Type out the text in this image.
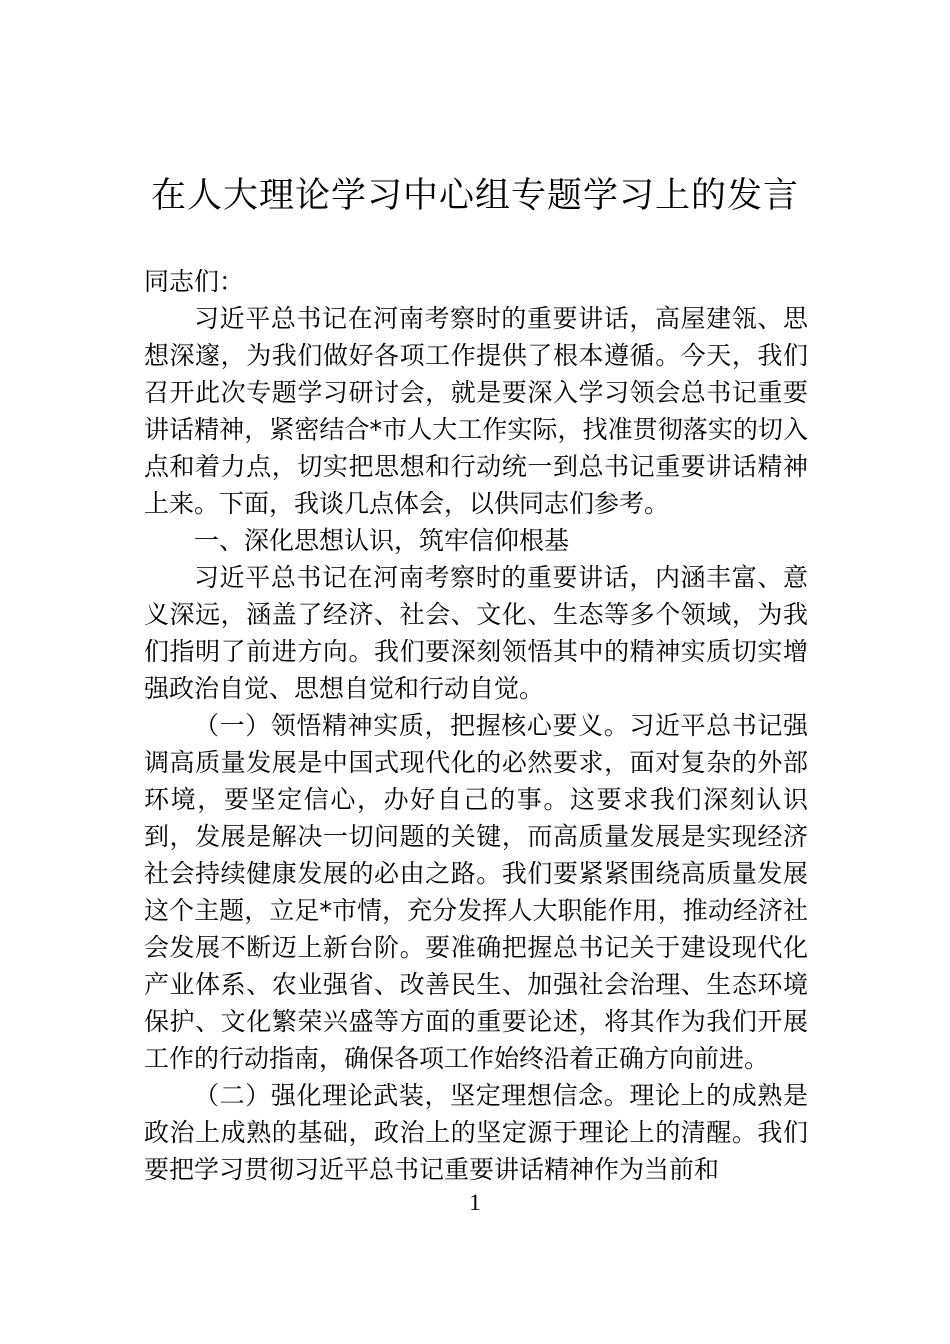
在人大理论学习中心组专题学习上的发言

同志们：

习近平总书记在河南考察时的重要讲话，高屋建瓴、思想深邃，为我们做好各项工作提供了根本遵循。今天，我们召开此次专题学习研讨会，就是要深入学习领会总书记重要讲话精神，紧密结合*市人大工作实际，找准贯彻落实的切入点和着力点，切实把思想和行动统一到总书记重要讲话精神上来。下面，我谈几点体会，以供同志们参考。

一、深化思想认识，筑牢信仰根基

习近平总书记在河南考察时的重要讲话，内涵丰富、意义深远，涵盖了经济、社会、文化、生态等多个领域，为我们指明了前进方向。我们要深刻领悟其中的精神实质切实增强政治自觉、思想自觉和行动自觉。

（一）领悟精神实质，把握核心要义。习近平总书记强调高质量发展是中国式现代化的必然要求，面对复杂的外部环境，要坚定信心，办好自己的事。这要求我们深刻认识到，发展是解决一切问题的关键，而高质量发展是实现经济社会持续健康发展的必由之路。我们要紧紧围绕高质量发展这个主题，立足*市情，充分发挥人大职能作用，推动经济社会发展不断迈上新台阶。要准确把握总书记关于建设现代化产业体系、农业强省、改善民生、加强社会治理、生态环境保护、文化繁荣兴盛等方面的重要论述，将其作为我们开展工作的行动指南，确保各项工作始终沿着正确方向前进。

（二）强化理论武装，坚定理想信念。理论上的成熟是政治上成熟的基础，政治上的坚定源于理论上的清醒。我们要把学习贯彻习近平总书记重要讲话精神作为当前和

1
